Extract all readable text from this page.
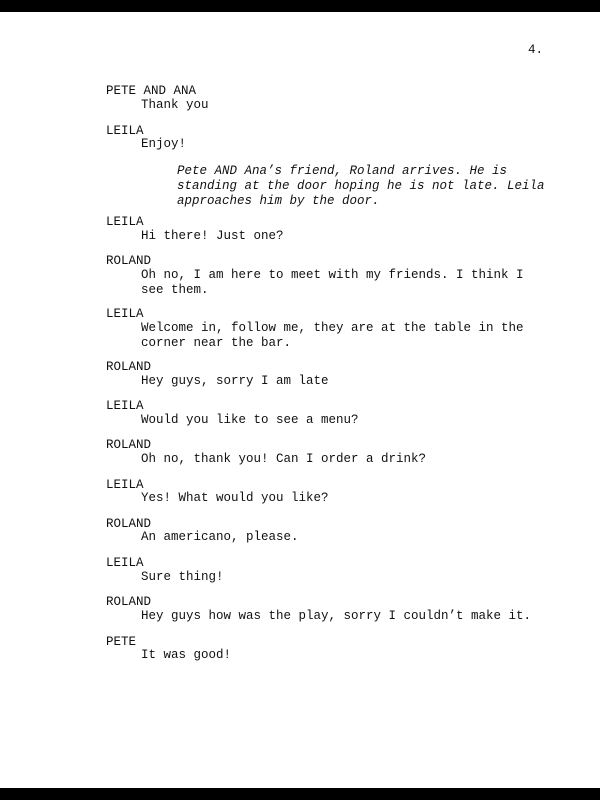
4.
PETE AND ANA
Thank you
LEILA
Enjoy!
Pete AND Ana’s friend, Roland arrives. He is
standing at the door hoping he is not late. Leila
approaches him by the door.
LEILA
Hi there! Just one?
ROLAND
Oh no, I am here to meet with my friends. I think I
see them.
LEILA
Welcome in, follow me, they are at the table in the
corner near the bar.
ROLAND
Hey guys, sorry I am late
LEILA
Would you like to see a menu?
ROLAND
Oh no, thank you! Can I order a drink?
LEILA
Yes! What would you like?
ROLAND
An americano, please.
LEILA
Sure thing!
ROLAND
Hey guys how was the play, sorry I couldn’t make it.
PETE
It was good!
